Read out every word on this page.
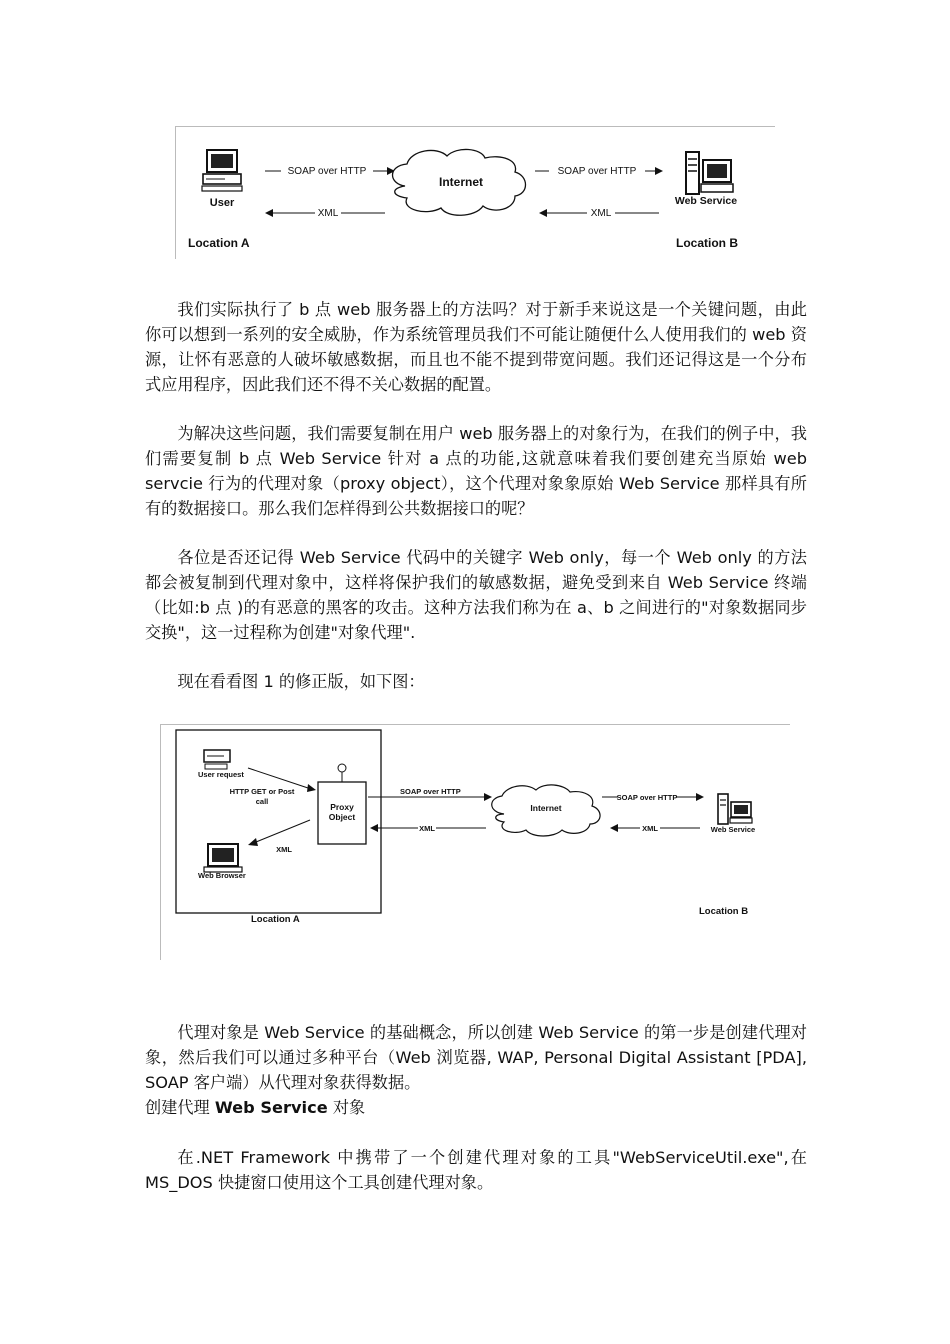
User
SOAP over HTTP
XML
Internet
SOAP over HTTP
XML
Web Service
Location A	Location B

我们实际执行了 b 点 web 服务器上的方法吗？对于新手来说这是一个关键问题，由此你可以想到一系列的安全威胁，作为系统管理员我们不可能让随便什么人使用我们的 web 资源，让怀有恶意的人破坏敏感数据，而且也不能不提到带宽问题。我们还记得这是一个分布式应用程序，因此我们还不得不关心数据的配置。

为解决这些问题，我们需要复制在用户 web 服务器上的对象行为，在我们的例子中，我们需要复制 b 点 Web Service 针对 a 点的功能,这就意味着我们要创建充当原始 web servcie 行为的代理对象（proxy object），这个代理对象象原始 Web Service 那样具有所有的数据接口。那么我们怎样得到公共数据接口的呢？

各位是否还记得 Web Service 代码中的关键字 Web only，每一个 Web only 的方法都会被复制到代理对象中，这样将保护我们的敏感数据，避免受到来自 Web Service 终端（比如:b 点 )的有恶意的黑客的攻击。这种方法我们称为在 a、b 之间进行的"对象数据同步交换"，这一过程称为创建"对象代理".

现在看看图 1 的修正版，如下图：

User request
HTTP GET or Post
call
Proxy
Object
XML
Web Browser
SOAP over HTTP
XML
Internet
SOAP over HTTP
XML	Web Service
Location A
Location B

代理对象是 Web Service 的基础概念，所以创建 Web Service 的第一步是创建代理对象，然后我们可以通过多种平台（Web 浏览器, WAP, Personal Digital Assistant [PDA], SOAP 客户端）从代理对象获得数据。

创建代理 Web Service 对象

在.NET Framework 中携带了一个创建代理对象的工具"WebServiceUtil.exe",在 MS_DOS 快捷窗口使用这个工具创建代理对象。
